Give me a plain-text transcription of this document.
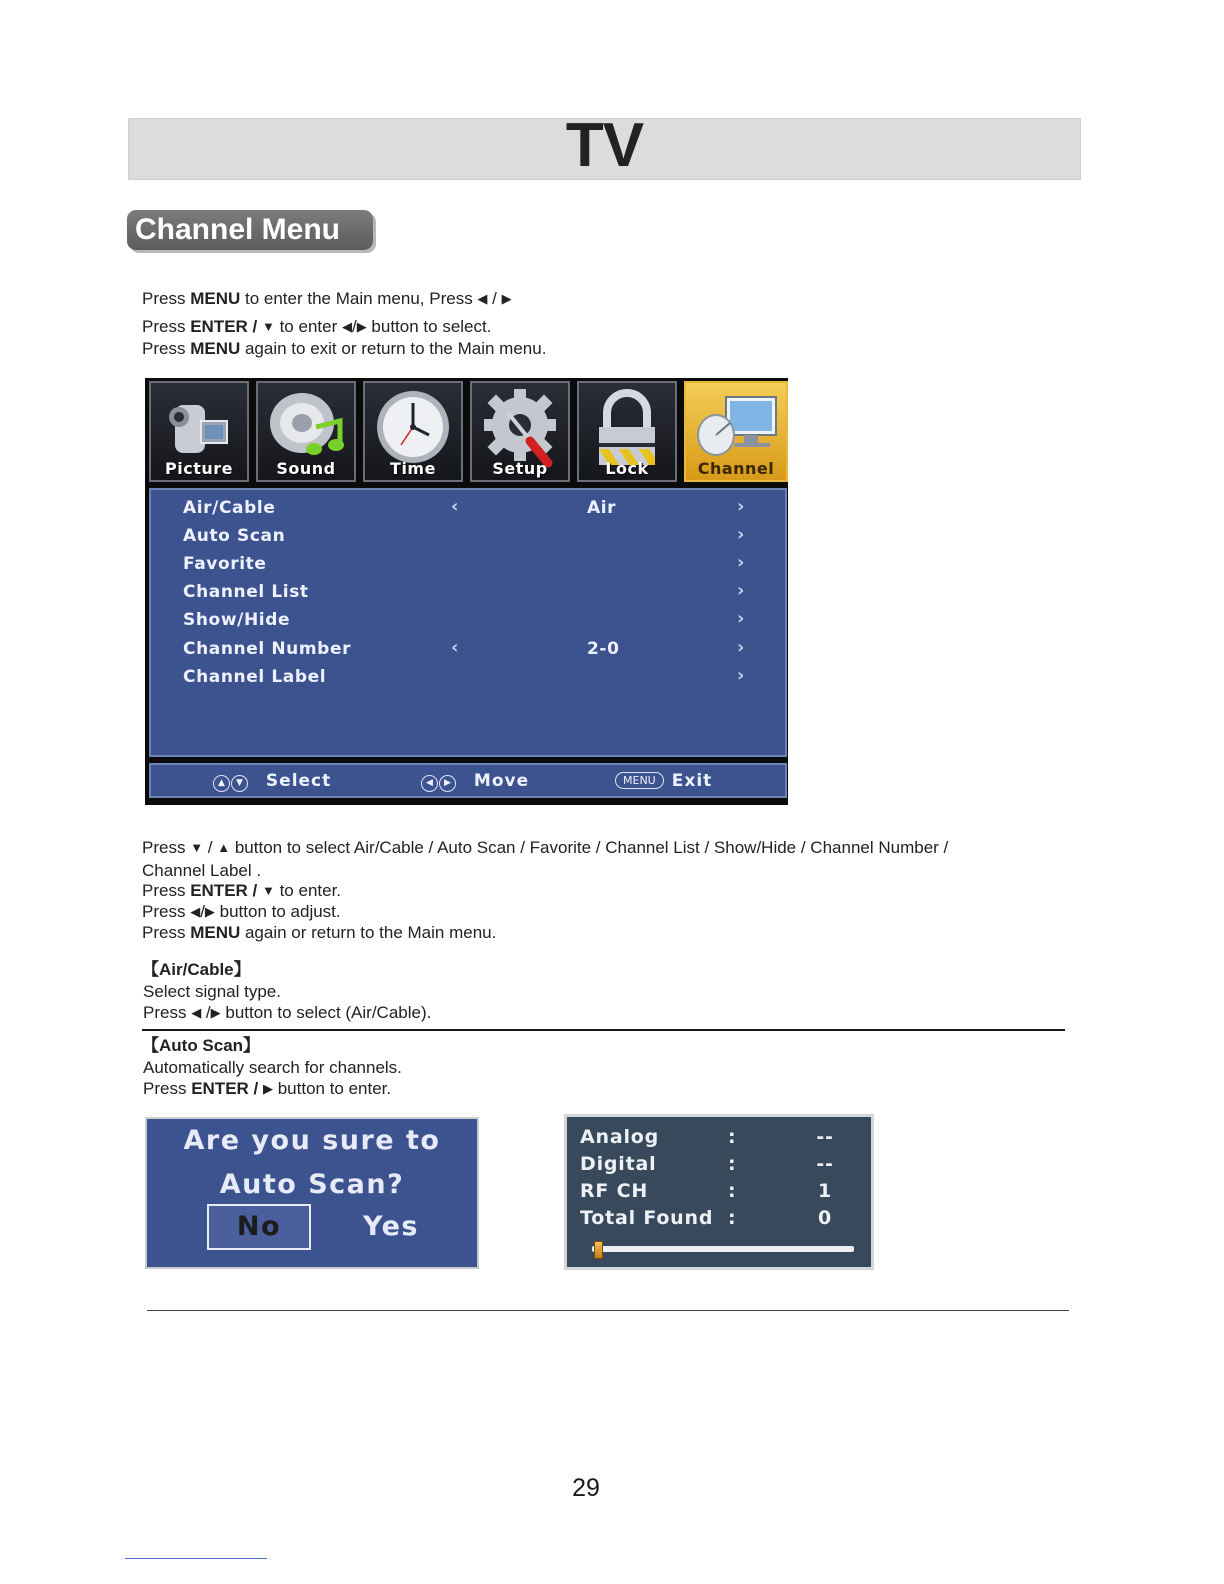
TV
Channel Menu
Press MENU to enter the Main menu, Press ◀ / ▶
Press ENTER / ▼ to enter ◀/▶ button to select.
Press MENU again to exit or return to the Main menu.
Picture	Sound	Time	Setup	Lock	Channel
Air/Cable	‹	Air	›
Auto Scan	›
Favorite	›
Channel List	›
Show/Hide	›
Channel Number	‹	2-0	›
Channel Label	›
▲ ▼ Select	◀ ▶ Move	MENU Exit
Press ▼ / ▲ button to select Air/Cable / Auto Scan / Favorite / Channel List / Show/Hide / Channel Number /
Channel Label .
Press ENTER / ▼ to enter.
Press ◀/▶ button to adjust.
Press MENU again or return to the Main menu.
【Air/Cable】
Select signal type.
Press ◀ /▶ button to select (Air/Cable).
【Auto Scan】
Automatically search for channels.
Press ENTER / ▶ button to enter.
Are you sure to
Auto Scan?
No	Yes
Analog	:	--
Digital	:	--
RF CH	:	1
Total Found :	0
29
